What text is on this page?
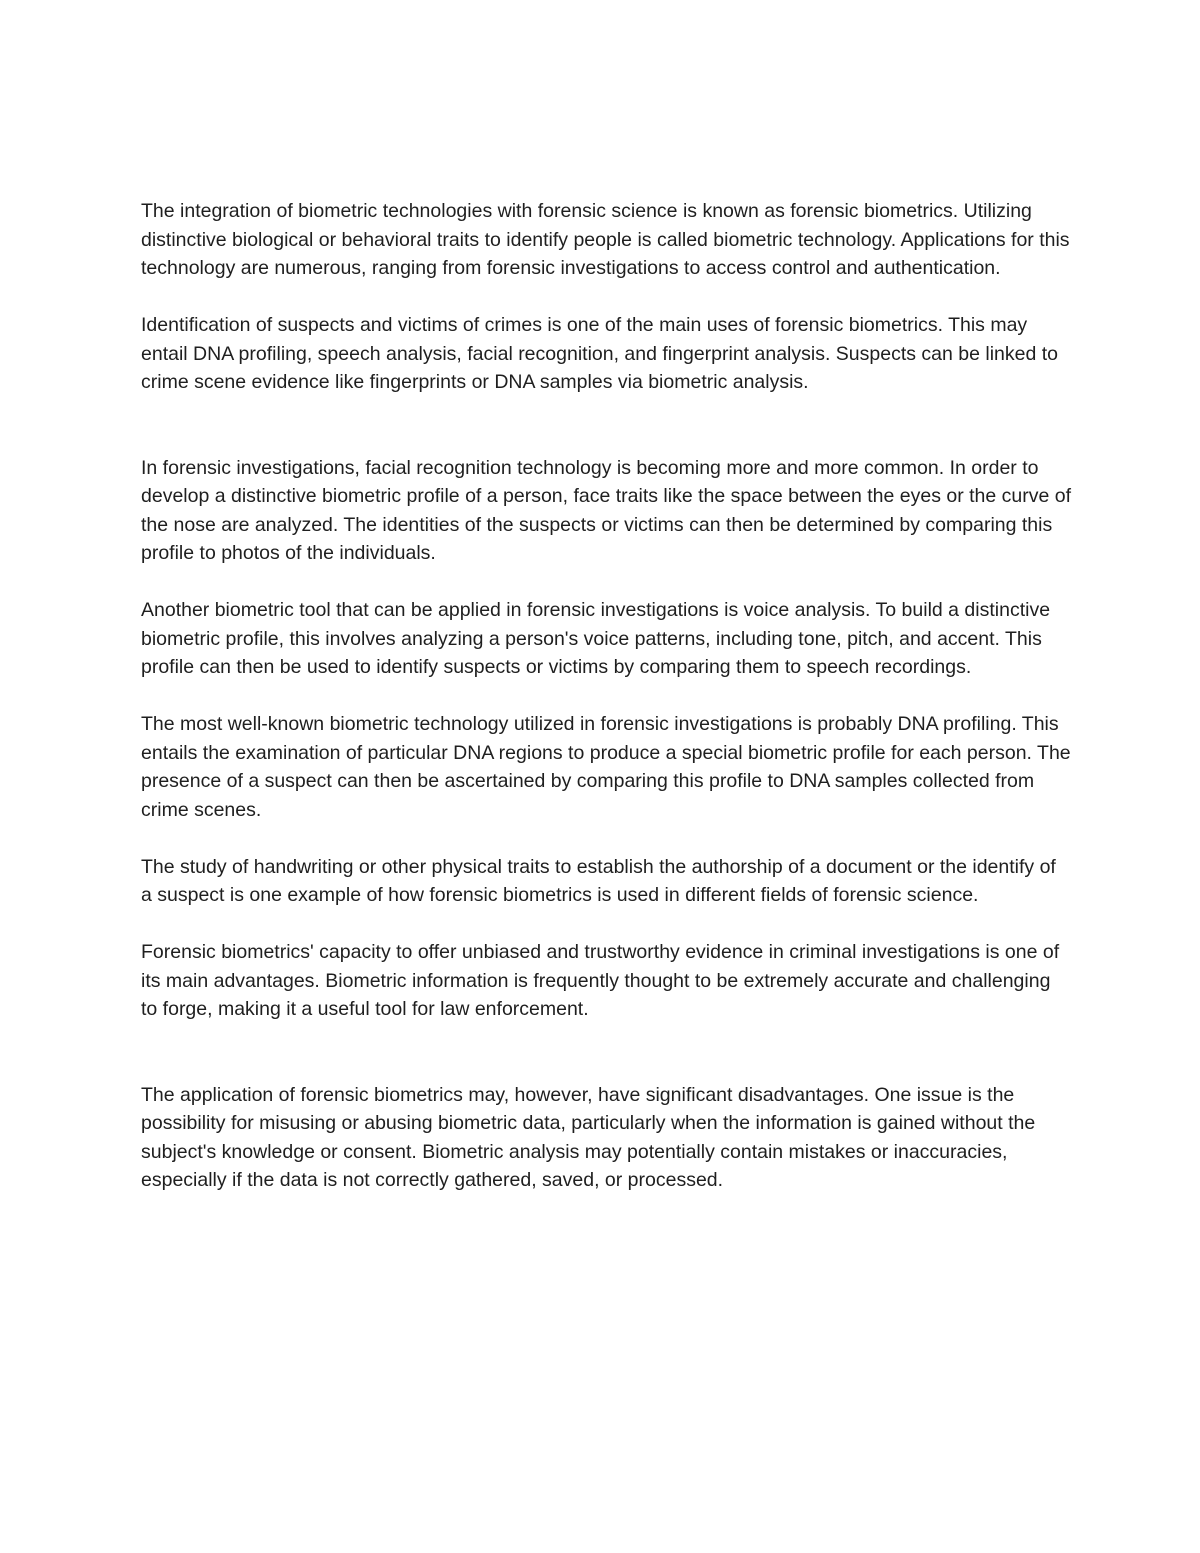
The integration of biometric technologies with forensic science is known as forensic biometrics. Utilizing distinctive biological or behavioral traits to identify people is called biometric technology. Applications for this technology are numerous, ranging from forensic investigations to access control and authentication.

Identification of suspects and victims of crimes is one of the main uses of forensic biometrics. This may entail DNA profiling, speech analysis, facial recognition, and fingerprint analysis. Suspects can be linked to crime scene evidence like fingerprints or DNA samples via biometric analysis.

In forensic investigations, facial recognition technology is becoming more and more common. In order to develop a distinctive biometric profile of a person, face traits like the space between the eyes or the curve of the nose are analyzed. The identities of the suspects or victims can then be determined by comparing this profile to photos of the individuals.

Another biometric tool that can be applied in forensic investigations is voice analysis. To build a distinctive biometric profile, this involves analyzing a person's voice patterns, including tone, pitch, and accent. This profile can then be used to identify suspects or victims by comparing them to speech recordings.

The most well-known biometric technology utilized in forensic investigations is probably DNA profiling. This entails the examination of particular DNA regions to produce a special biometric profile for each person. The presence of a suspect can then be ascertained by comparing this profile to DNA samples collected from crime scenes.

The study of handwriting or other physical traits to establish the authorship of a document or the identify of a suspect is one example of how forensic biometrics is used in different fields of forensic science.

Forensic biometrics' capacity to offer unbiased and trustworthy evidence in criminal investigations is one of its main advantages. Biometric information is frequently thought to be extremely accurate and challenging to forge, making it a useful tool for law enforcement.

The application of forensic biometrics may, however, have significant disadvantages. One issue is the possibility for misusing or abusing biometric data, particularly when the information is gained without the subject's knowledge or consent. Biometric analysis may potentially contain mistakes or inaccuracies, especially if the data is not correctly gathered, saved, or processed.
